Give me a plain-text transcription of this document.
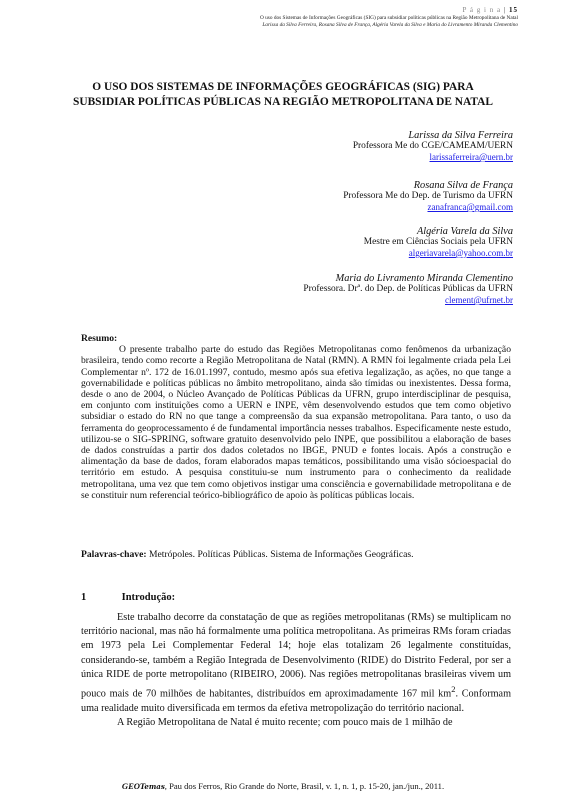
P á g i n a | 15
O uso dos Sistemas de Informações Geográficas (SIG) para subsidiar políticas públicas na Região Metropolitana de Natal
Larissa da Silva Ferreira, Rosana Silva de França, Algéria Varela da Silva e Maria do Livramento Miranda Clementino
O USO DOS SISTEMAS DE INFORMAÇÕES GEOGRÁFICAS (SIG) PARA SUBSIDIAR POLÍTICAS PÚBLICAS NA REGIÃO METROPOLITANA DE NATAL
Larissa da Silva Ferreira
Professora Me do CGE/CAMEAM/UERN
larissaferreira@uern.br
Rosana Silva de França
Professora Me do Dep. de Turismo da UFRN
zanafranca@gmail.com
Algéria Varela da Silva
Mestre em Ciências Sociais pela UFRN
algeriavarela@yahoo.com.br
Maria do Livramento Miranda Clementino
Professora. Drª. do Dep. de Políticas Públicas da UFRN
clement@ufrnet.br

Resumo:

O presente trabalho parte do estudo das Regiões Metropolitanas como fenômenos da urbanização brasileira, tendo como recorte a Região Metropolitana de Natal (RMN). A RMN foi legalmente criada pela Lei Complementar nº. 172 de 16.01.1997, contudo, mesmo após sua efetiva legalização, as ações, no que tange a governabilidade e políticas públicas no âmbito metropolitano, ainda são tímidas ou inexistentes. Dessa forma, desde o ano de 2004, o Núcleo Avançado de Políticas Públicas da UFRN, grupo interdisciplinar de pesquisa, em conjunto com instituições como a UERN e INPE, vêm desenvolvendo estudos que tem como objetivo subsidiar o estado do RN no que tange a compreensão da sua expansão metropolitana. Para tanto, o uso da ferramenta do geoprocessamento é de fundamental importância nesses trabalhos. Especificamente neste estudo, utilizou-se o SIG-SPRING, software gratuito desenvolvido pelo INPE, que possibilitou a elaboração de bases de dados construídas a partir dos dados coletados no IBGE, PNUD e fontes locais. Após a construção e alimentação da base de dados, foram elaborados mapas temáticos, possibilitando uma visão sócioespacial do território em estudo. A pesquisa constituiu-se num instrumento para o conhecimento da realidade metropolitana, uma vez que tem como objetivos instigar uma consciência e governabilidade metropolitana e de se constituir num referencial teórico-bibliográfico de apoio às políticas públicas locais.

Palavras-chave: Metrópoles. Políticas Públicas. Sistema de Informações Geográficas.
1	Introdução:

Este trabalho decorre da constatação de que as regiões metropolitanas (RMs) se multiplicam no território nacional, mas não há formalmente uma política metropolitana. As primeiras RMs foram criadas em 1973 pela Lei Complementar Federal 14; hoje elas totalizam 26 legalmente constituídas, considerando-se, também a Região Integrada de Desenvolvimento (RIDE) do Distrito Federal, por ser a única RIDE de porte metropolitano (RIBEIRO, 2006). Nas regiões metropolitanas brasileiras vivem um pouco mais de 70 milhões de habitantes, distribuídos em aproximadamente 167 mil $km^2$. Conformam uma realidade muito diversificada em termos da efetiva metropolização do território nacional.

A Região Metropolitana de Natal é muito recente; com pouco mais de 1 milhão de

GEOTemas, Pau dos Ferros, Rio Grande do Norte, Brasil, v. 1, n. 1, p. 15-20, jan./jun., 2011.
